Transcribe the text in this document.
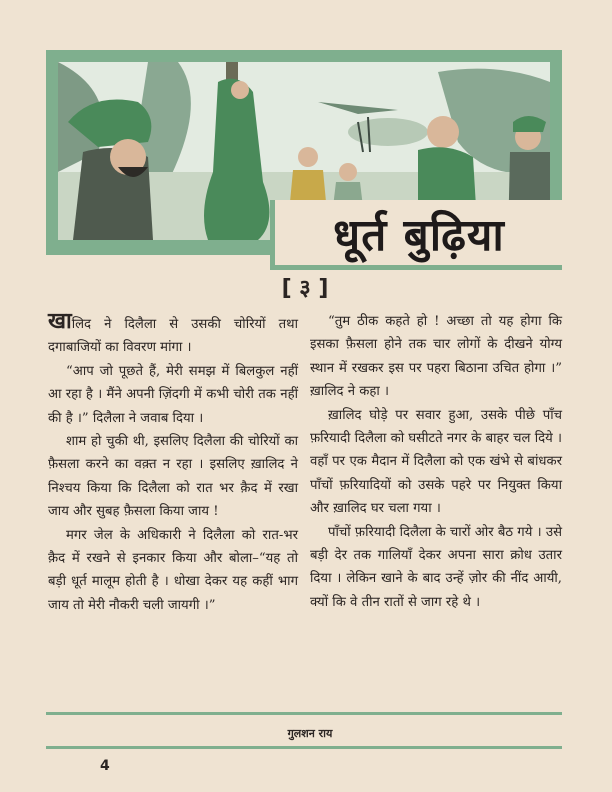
धूर्त बुढ़िया
[ ३ ]

खालिद ने दिलैला से उसकी चोरियों तथा दगाबाजियों का विवरण मांगा ।

“आप जो पूछते हैं, मेरी समझ में बिलकुल नहीं आ रहा है । मैंने अपनी ज़िंदगी में कभी चोरी तक नहीं की है ।” दिलैला ने जवाब दिया ।

शाम हो चुकी थी, इसलिए दिलैला की चोरियों का फ़ैसला करने का वक़्त न रहा । इसलिए ख़ालिद ने निश्चय किया कि दिलैला को रात भर क़ैद में रखा जाय और सुबह फ़ैसला किया जाय !

मगर जेल के अधिकारी ने दिलैला को रात-भर क़ैद में रखने से इनकार किया और बोला–“यह तो बड़ी धूर्त मालूम होती है । धोखा देकर यह कहीं भाग जाय तो मेरी नौकरी चली जायगी ।”

“तुम ठीक कहते हो ! अच्छा तो यह होगा कि इसका फ़ैसला होने तक चार लोगों के दीखने योग्य स्थान में रखकर इस पर पहरा बिठाना उचित होगा ।” ख़ालिद ने कहा ।

ख़ालिद घोड़े पर सवार हुआ, उसके पीछे पाँच फ़रियादी दिलैला को घसीटते नगर के बाहर चल दिये । वहाँ पर एक मैदान में दिलैला को एक खंभे से बांधकर पाँचों फ़रियादियों को उसके पहरे पर नियुक्त किया और ख़ालिद घर चला गया ।

पाँचों फ़रियादी दिलैला के चारों ओर बैठ गये । उसे बड़ी देर तक गालियाँ देकर अपना सारा क्रोध उतार दिया । लेकिन खाने के बाद उन्हें ज़ोर की नींद आयी, क्यों कि वे तीन रातों से जाग रहे थे ।

गुलशन राय
4
